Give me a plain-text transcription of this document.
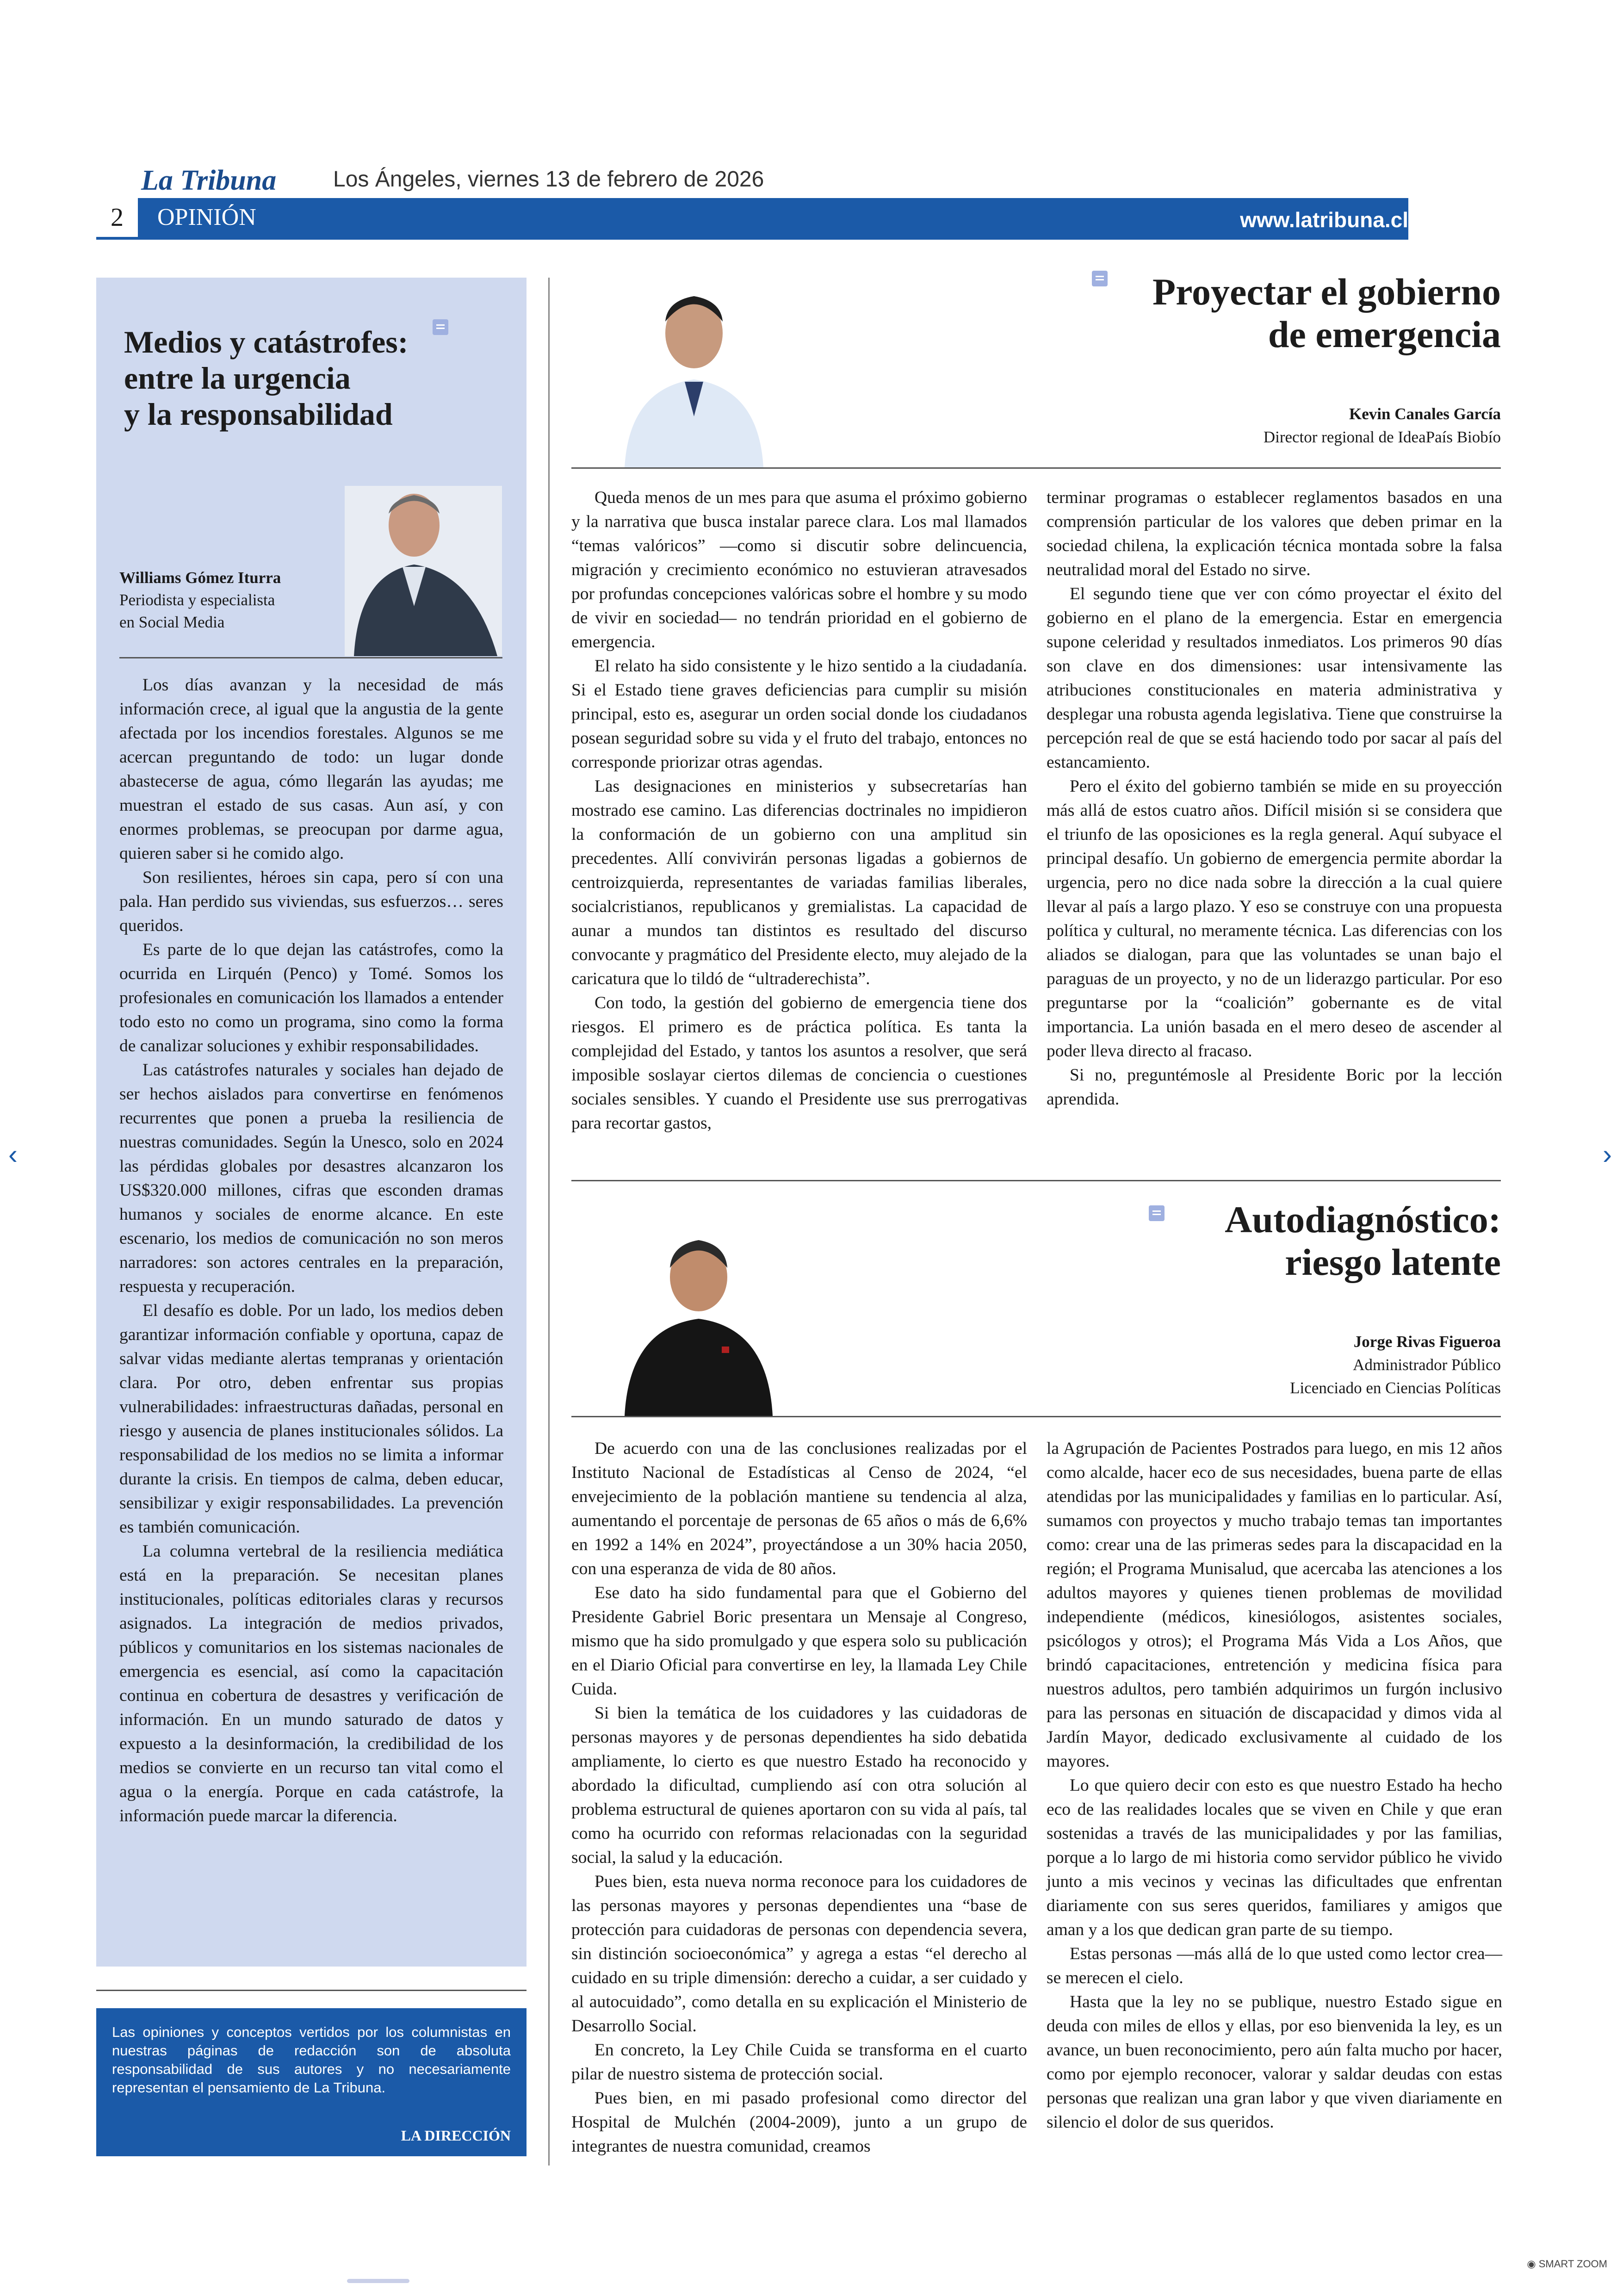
La Tribuna	Los Ángeles, viernes 13 de febrero de 2026
2	OPINIÓN	www.latribuna.cl
Medios y catástrofes:
entre la urgencia
y la responsabilidad
Williams Gómez Iturra
Periodista y especialista
en Social Media

Los días avanzan y la necesidad de más información crece, al igual que la angustia de la gente afectada por los incendios forestales. Algunos se me acercan preguntando de todo: un lugar donde abastecerse de agua, cómo llegarán las ayudas; me muestran el estado de sus casas. Aun así, y con enormes problemas, se preocupan por darme agua, quieren saber si he comido algo.

Son resilientes, héroes sin capa, pero sí con una pala. Han perdido sus viviendas, sus esfuerzos… seres queridos.

Es parte de lo que dejan las catástrofes, como la ocurrida en Lirquén (Penco) y Tomé. Somos los profesionales en comunicación los llamados a entender todo esto no como un programa, sino como la forma de canalizar soluciones y exhibir responsabilidades.

Las catástrofes naturales y sociales han dejado de ser hechos aislados para convertirse en fenómenos recurrentes que ponen a prueba la resiliencia de nuestras comunidades. Según la Unesco, solo en 2024 las pérdidas globales por desastres alcanzaron los US$320.000 millones, cifras que esconden dramas humanos y sociales de enorme alcance. En este escenario, los medios de comunicación no son meros narradores: son actores centrales en la preparación, respuesta y recuperación.

El desafío es doble. Por un lado, los medios deben garantizar información confiable y oportuna, capaz de salvar vidas mediante alertas tempranas y orientación clara. Por otro, deben enfrentar sus propias vulnerabilidades: infraestructuras dañadas, personal en riesgo y ausencia de planes institucionales sólidos. La responsabilidad de los medios no se limita a informar durante la crisis. En tiempos de calma, deben educar, sensibilizar y exigir responsabilidades. La prevención es también comunicación.

La columna vertebral de la resiliencia mediática está en la preparación. Se necesitan planes institucionales, políticas editoriales claras y recursos asignados. La integración de medios privados, públicos y comunitarios en los sistemas nacionales de emergencia es esencial, así como la capacitación continua en cobertura de desastres y verificación de información. En un mundo saturado de datos y expuesto a la desinformación, la credibilidad de los medios se convierte en un recurso tan vital como el agua o la energía. Porque en cada catástrofe, la información puede marcar la diferencia.

Las opiniones y conceptos vertidos por los columnistas en nuestras páginas de redacción son de absoluta responsabilidad de sus autores y no necesariamente representan el pensamiento de La Tribuna.
LA DIRECCIÓN
Proyectar el gobierno
de emergencia
Kevin Canales García
Director regional de IdeaPaís Biobío

Queda menos de un mes para que asuma el próximo gobierno y la narrativa que busca instalar parece clara. Los mal llamados “temas valóricos” —como si discutir sobre delincuencia, migración y crecimiento económico no estuvieran atravesados por profundas concepciones valóricas sobre el hombre y su modo de vivir en sociedad— no tendrán prioridad en el gobierno de emergencia.

El relato ha sido consistente y le hizo sentido a la ciudadanía. Si el Estado tiene graves deficiencias para cumplir su misión principal, esto es, asegurar un orden social donde los ciudadanos posean seguridad sobre su vida y el fruto del trabajo, entonces no corresponde priorizar otras agendas.

Las designaciones en ministerios y subsecretarías han mostrado ese camino. Las diferencias doctrinales no impidieron la conformación de un gobierno con una amplitud sin precedentes. Allí convivirán personas ligadas a gobiernos de centroizquierda, representantes de variadas familias liberales, socialcristianos, republicanos y gremialistas. La capacidad de aunar a mundos tan distintos es resultado del discurso convocante y pragmático del Presidente electo, muy alejado de la caricatura que lo tildó de “ultraderechista”.

Con todo, la gestión del gobierno de emergencia tiene dos riesgos. El primero es de práctica política. Es tanta la complejidad del Estado, y tantos los asuntos a resolver, que será imposible soslayar ciertos dilemas de conciencia o cuestiones sociales sensibles. Y cuando el Presidente use sus prerrogativas para recortar gastos,

terminar programas o establecer reglamentos basados en una comprensión particular de los valores que deben primar en la sociedad chilena, la explicación técnica montada sobre la falsa neutralidad moral del Estado no sirve.

El segundo tiene que ver con cómo proyectar el éxito del gobierno en el plano de la emergencia. Estar en emergencia supone celeridad y resultados inmediatos. Los primeros 90 días son clave en dos dimensiones: usar intensivamente las atribuciones constitucionales en materia administrativa y desplegar una robusta agenda legislativa. Tiene que construirse la percepción real de que se está haciendo todo por sacar al país del estancamiento.

Pero el éxito del gobierno también se mide en su proyección más allá de estos cuatro años. Difícil misión si se considera que el triunfo de las oposiciones es la regla general. Aquí subyace el principal desafío. Un gobierno de emergencia permite abordar la urgencia, pero no dice nada sobre la dirección a la cual quiere llevar al país a largo plazo. Y eso se construye con una propuesta política y cultural, no meramente técnica. Las diferencias con los aliados se dialogan, para que las voluntades se unan bajo el paraguas de un proyecto, y no de un liderazgo particular. Por eso preguntarse por la “coalición” gobernante es de vital importancia. La unión basada en el mero deseo de ascender al poder lleva directo al fracaso.

Si no, preguntémosle al Presidente Boric por la lección aprendida.

Autodiagnóstico:
riesgo latente
Jorge Rivas Figueroa
Administrador Público
Licenciado en Ciencias Políticas

De acuerdo con una de las conclusiones realizadas por el Instituto Nacional de Estadísticas al Censo de 2024, “el envejecimiento de la población mantiene su tendencia al alza, aumentando el porcentaje de personas de 65 años o más de 6,6% en 1992 a 14% en 2024”, proyectándose a un 30% hacia 2050, con una esperanza de vida de 80 años.

Ese dato ha sido fundamental para que el Gobierno del Presidente Gabriel Boric presentara un Mensaje al Congreso, mismo que ha sido promulgado y que espera solo su publicación en el Diario Oficial para convertirse en ley, la llamada Ley Chile Cuida.

Si bien la temática de los cuidadores y las cuidadoras de personas mayores y de personas dependientes ha sido debatida ampliamente, lo cierto es que nuestro Estado ha reconocido y abordado la dificultad, cumpliendo así con otra solución al problema estructural de quienes aportaron con su vida al país, tal como ha ocurrido con reformas relacionadas con la seguridad social, la salud y la educación.

Pues bien, esta nueva norma reconoce para los cuidadores de las personas mayores y personas dependientes una “base de protección para cuidadoras de personas con dependencia severa, sin distinción socioeconómica” y agrega a estas “el derecho al cuidado en su triple dimensión: derecho a cuidar, a ser cuidado y al autocuidado”, como detalla en su explicación el Ministerio de Desarrollo Social.

En concreto, la Ley Chile Cuida se transforma en el cuarto pilar de nuestro sistema de protección social.

Pues bien, en mi pasado profesional como director del Hospital de Mulchén (2004-2009), junto a un grupo de integrantes de nuestra comunidad, creamos

la Agrupación de Pacientes Postrados para luego, en mis 12 años como alcalde, hacer eco de sus necesidades, buena parte de ellas atendidas por las municipalidades y familias en lo particular. Así, sumamos con proyectos y mucho trabajo temas tan importantes como: crear una de las primeras sedes para la discapacidad en la región; el Programa Munisalud, que acercaba las atenciones a los adultos mayores y quienes tienen problemas de movilidad independiente (médicos, kinesiólogos, asistentes sociales, psicólogos y otros); el Programa Más Vida a Los Años, que brindó capacitaciones, entretención y medicina física para nuestros adultos, pero también adquirimos un furgón inclusivo para las personas en situación de discapacidad y dimos vida al Jardín Mayor, dedicado exclusivamente al cuidado de los mayores.

Lo que quiero decir con esto es que nuestro Estado ha hecho eco de las realidades locales que se viven en Chile y que eran sostenidas a través de las municipalidades y por las familias, porque a lo largo de mi historia como servidor público he vivido junto a mis vecinos y vecinas las dificultades que enfrentan diariamente con sus seres queridos, familiares y amigos que aman y a los que dedican gran parte de su tiempo.

Estas personas —más allá de lo que usted como lector crea— se merecen el cielo.

Hasta que la ley no se publique, nuestro Estado sigue en deuda con miles de ellos y ellas, por eso bienvenida la ley, es un avance, un buen reconocimiento, pero aún falta mucho por hacer, como por ejemplo reconocer, valorar y saldar deudas con estas personas que realizan una gran labor y que viven diariamente en silencio el dolor de sus queridos.

‹	›
◉ SMART ZOOM
